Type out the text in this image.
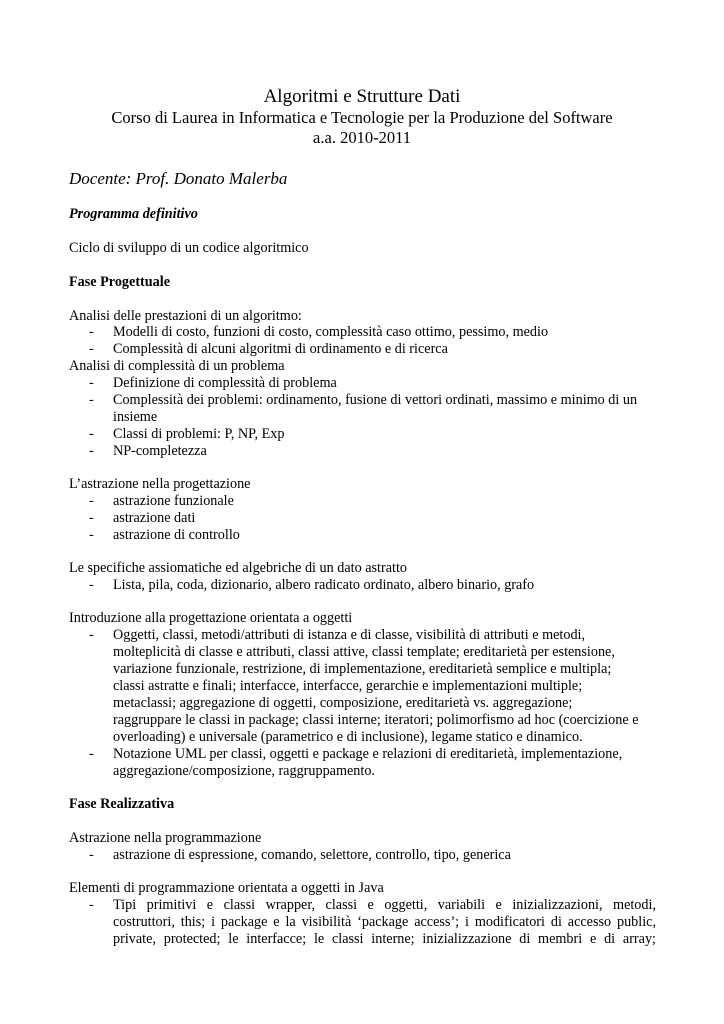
Algoritmi e Strutture Dati
Corso di Laurea in Informatica e Tecnologie per la Produzione del Software
a.a. 2010-2011
Docente: Prof. Donato Malerba
Programma definitivo
Ciclo di sviluppo di un codice algoritmico
Fase Progettuale
Analisi delle prestazioni di un algoritmo:
- Modelli di costo, funzioni di costo, complessità caso ottimo, pessimo, medio
- Complessità di alcuni algoritmi di ordinamento e di ricerca
Analisi di complessità di un problema
- Definizione di complessità di problema
- Complessità dei problemi: ordinamento, fusione di vettori ordinati, massimo e minimo di un
insieme
- Classi di problemi: P, NP, Exp
- NP-completezza
L’astrazione nella progettazione
- astrazione funzionale
- astrazione dati
- astrazione di controllo
Le specifiche assiomatiche ed algebriche di un dato astratto
- Lista, pila, coda, dizionario, albero radicato ordinato, albero binario, grafo
Introduzione alla progettazione orientata a oggetti
- Oggetti, classi, metodi/attributi di istanza e di classe, visibilità di attributi e metodi,
molteplicità di classe e attributi, classi attive, classi template; ereditarietà per estensione,
variazione funzionale, restrizione, di implementazione, ereditarietà semplice e multipla;
classi astratte e finali; interfacce, interfacce, gerarchie e implementazioni multiple;
metaclassi; aggregazione di oggetti, composizione, ereditarietà vs. aggregazione;
raggruppare le classi in package; classi interne; iteratori; polimorfismo ad hoc (coercizione e
overloading) e universale (parametrico e di inclusione), legame statico e dinamico.
- Notazione UML per classi, oggetti e package e relazioni di ereditarietà, implementazione,
aggregazione/composizione, raggruppamento.
Fase Realizzativa
Astrazione nella programmazione
- astrazione di espressione, comando, selettore, controllo, tipo, generica
Elementi di programmazione orientata a oggetti in Java
- Tipi primitivi e classi wrapper, classi e oggetti, variabili e inizializzazioni, metodi,
costruttori, this; i package e la visibilità ‘package access’; i modificatori di accesso public,
private, protected; le interfacce; le classi interne; inizializzazione di membri e di array;
